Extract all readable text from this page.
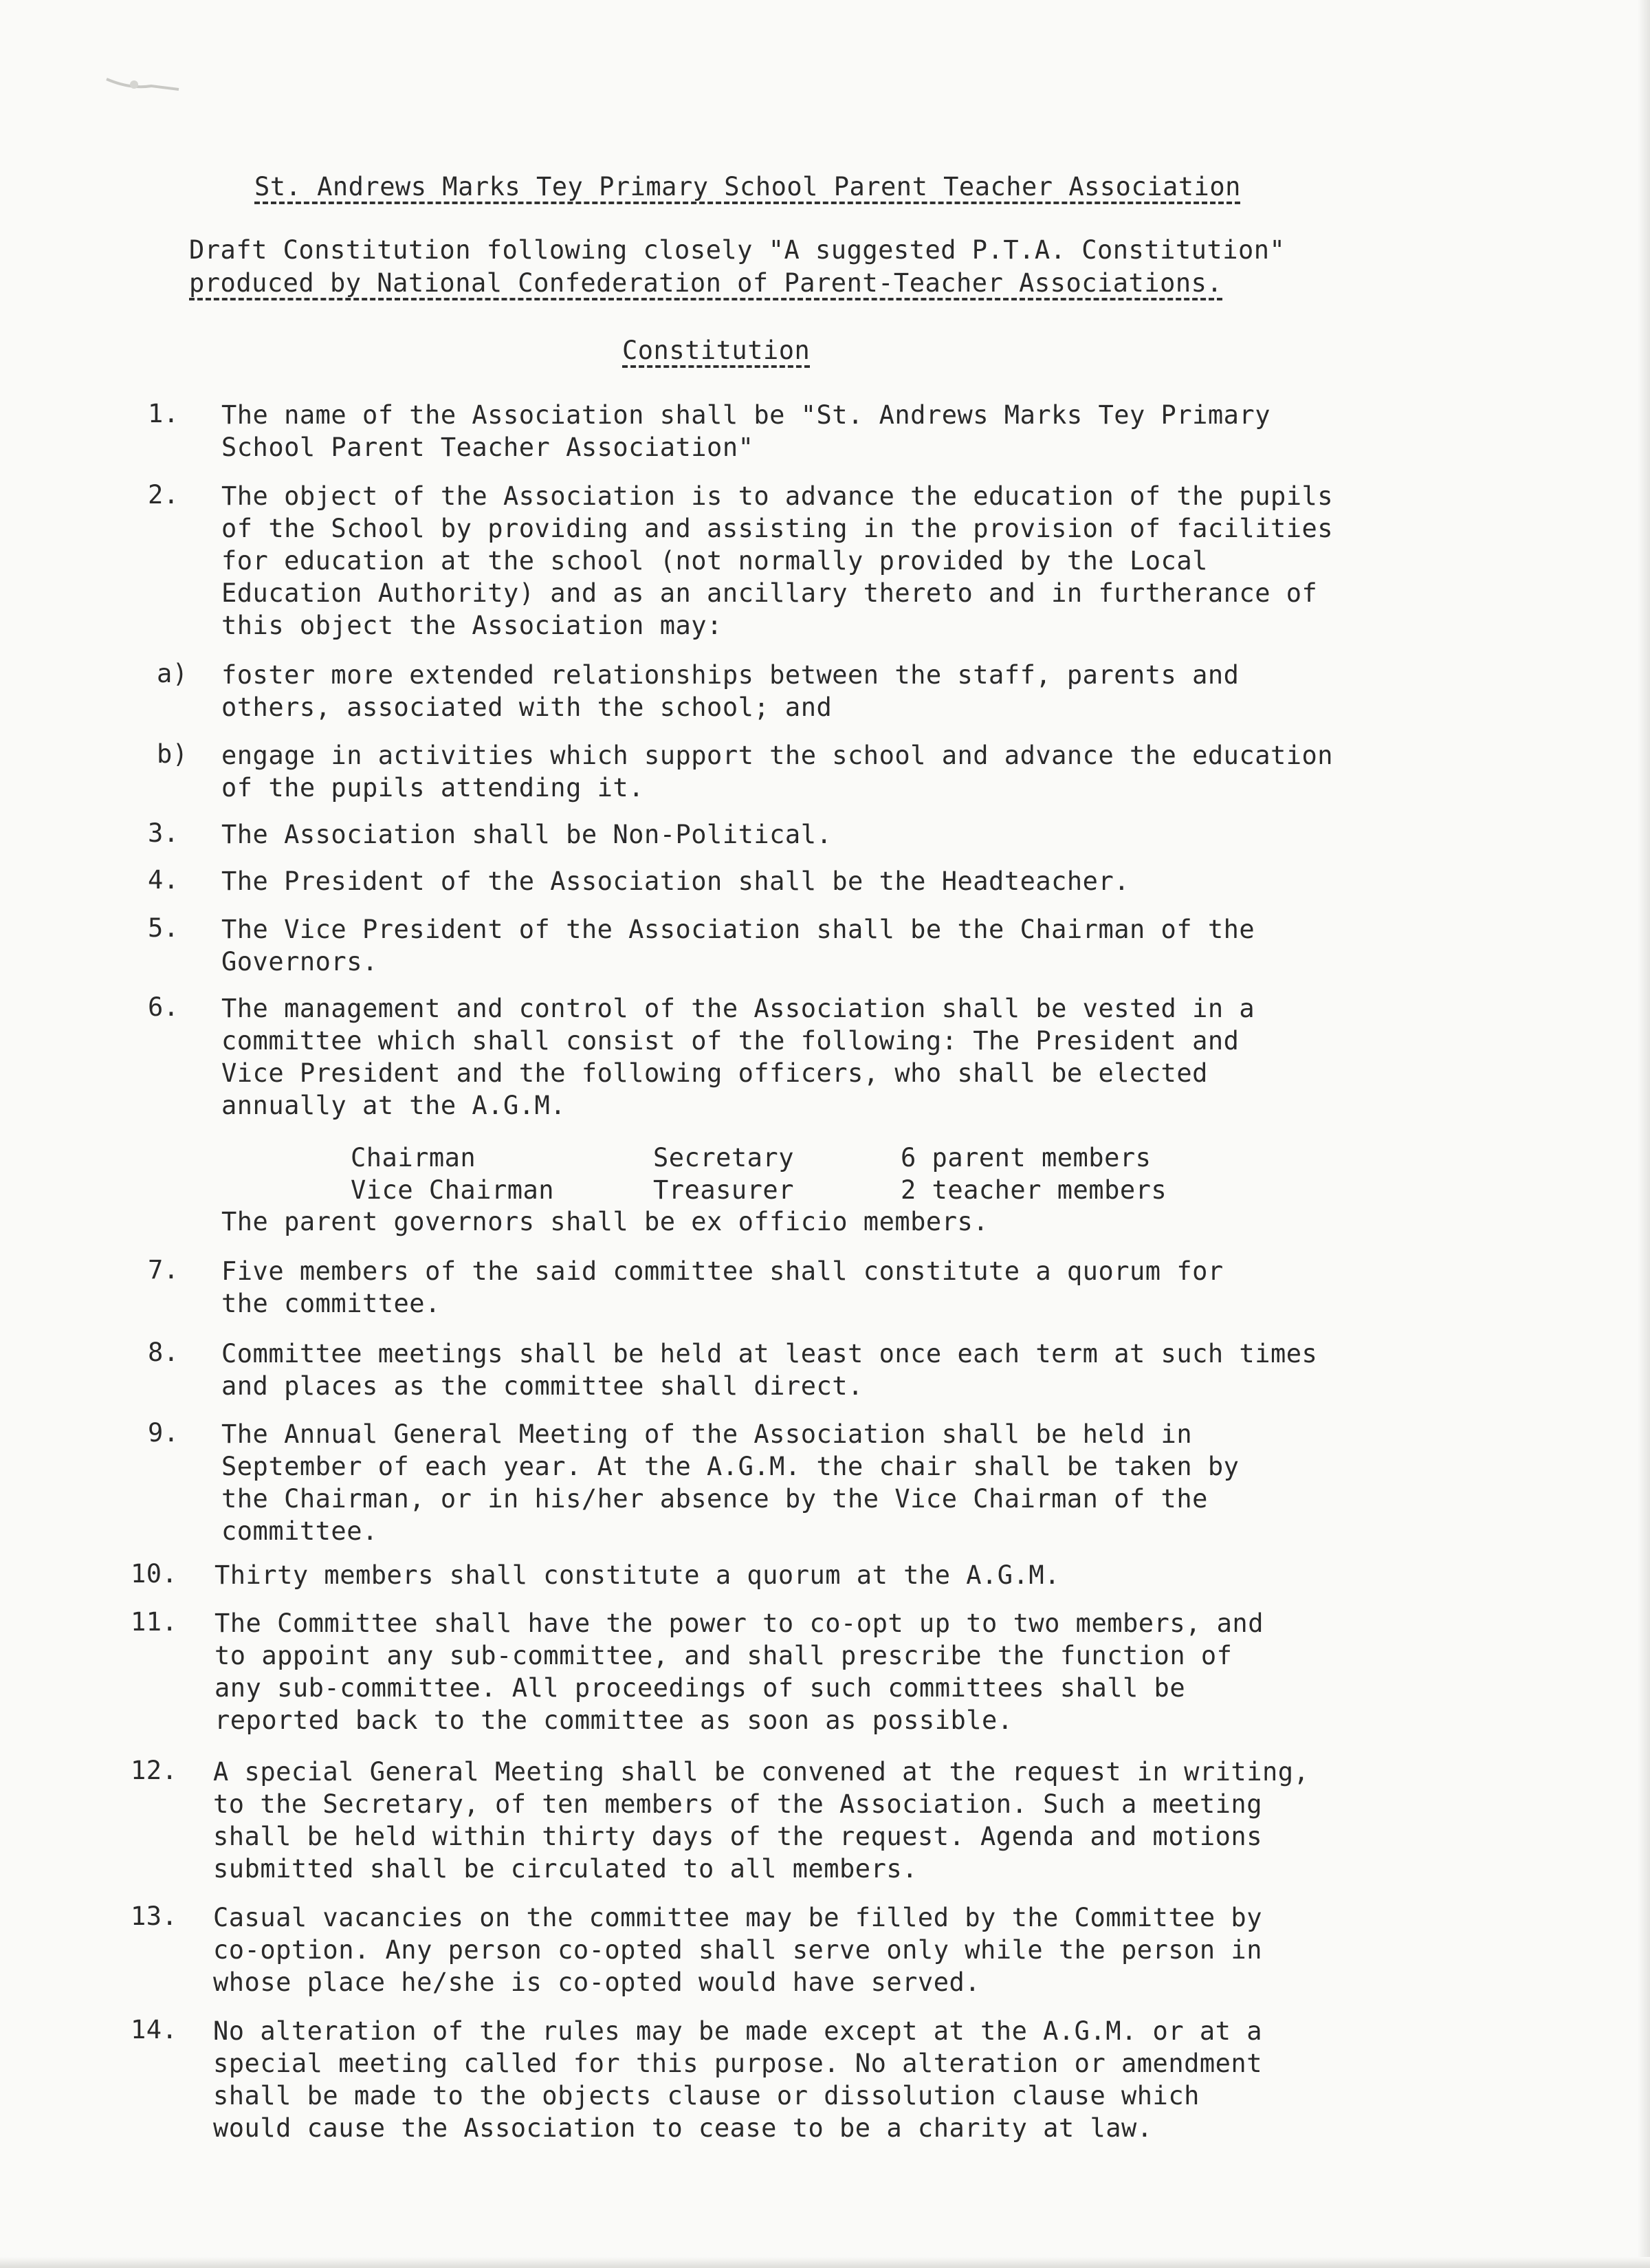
St. Andrews Marks Tey Primary School Parent Teacher Association
Draft Constitution following closely "A suggested P.T.A. Constitution"
produced by National Confederation of Parent-Teacher Associations.
Constitution
1. The name of the Association shall be "St. Andrews Marks Tey Primary
School Parent Teacher Association"
2. The object of the Association is to advance the education of the pupils
of the School by providing and assisting in the provision of facilities
for education at the school (not normally provided by the Local
Education Authority) and as an ancillary thereto and in furtherance of
this object the Association may:
a) foster more extended relationships between the staff, parents and
others, associated with the school; and
b) engage in activities which support the school and advance the education
of the pupils attending it.
3. The Association shall be Non-Political.
4. The President of the Association shall be the Headteacher.
5. The Vice President of the Association shall be the Chairman of the
Governors.
6. The management and control of the Association shall be vested in a
committee which shall consist of the following: The President and
Vice President and the following officers, who shall be elected
annually at the A.G.M.
Chairman	Secretary	6 parent members
Vice Chairman	Treasurer	2 teacher members
The parent governors shall be ex officio members.
7. Five members of the said committee shall constitute a quorum for
the committee.
8. Committee meetings shall be held at least once each term at such times
and places as the committee shall direct.
9. The Annual General Meeting of the Association shall be held in
September of each year. At the A.G.M. the chair shall be taken by
the Chairman, or in his/her absence by the Vice Chairman of the
committee.
10. Thirty members shall constitute a quorum at the A.G.M.
11. The Committee shall have the power to co-opt up to two members, and
to appoint any sub-committee, and shall prescribe the function of
any sub-committee. All proceedings of such committees shall be
reported back to the committee as soon as possible.
12. A special General Meeting shall be convened at the request in writing,
to the Secretary, of ten members of the Association. Such a meeting
shall be held within thirty days of the request. Agenda and motions
submitted shall be circulated to all members.
13. Casual vacancies on the committee may be filled by the Committee by
co-option. Any person co-opted shall serve only while the person in
whose place he/she is co-opted would have served.
14. No alteration of the rules may be made except at the A.G.M. or at a
special meeting called for this purpose. No alteration or amendment
shall be made to the objects clause or dissolution clause which
would cause the Association to cease to be a charity at law.
